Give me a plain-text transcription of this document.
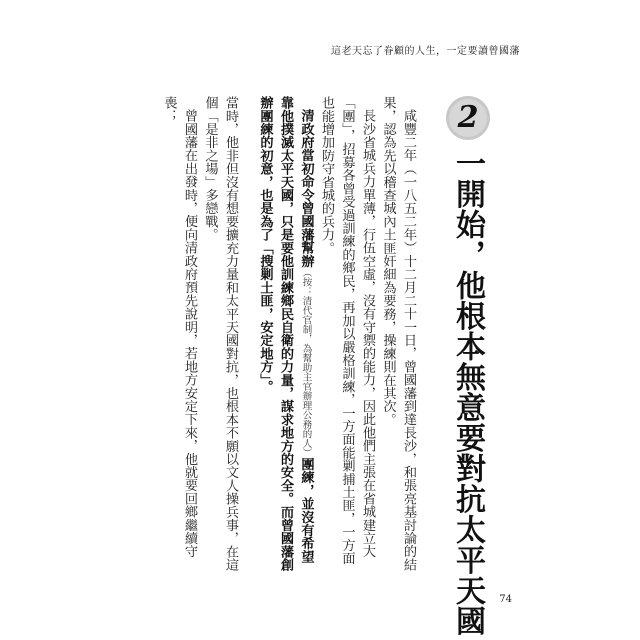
這老天忘了眷顧的人生，一定要讀曾國藩
2
一開始，他根本無意要對抗太平天國

咸豐二年（一八五二年）十二月二十一日，曾國藩到達長沙，和張亮基討論的結果，認為先以稽查城內土匪奸細為要務，操練則在其次。

長沙省城兵力單薄，行伍空虛，沒有守禦的能力，因此他們主張在省城建立大「團」，招募各曾受過訓練的鄉民，再加以嚴格訓練，一方面能剿捕土匪，一方面也能增加防守省城的兵力。

清政府當初命令曾國藩幫辦（按：清代官制，為幫助主官辦理公務的人）團練，並沒有希望靠他撲滅太平天國，只是要他訓練鄉民自衛的力量，謀求地方的安全。而曾國藩創辦團練的初意，也是為了「搜剿土匪，安定地方」。

當時，他非但沒有想要擴充力量和太平天國對抗，也根本不願以文人操兵事，在這個「是非之場」多戀戰。

曾國藩在出發時，便向清政府預先說明，若地方安定下來，他就要回鄉繼續守喪；

74
